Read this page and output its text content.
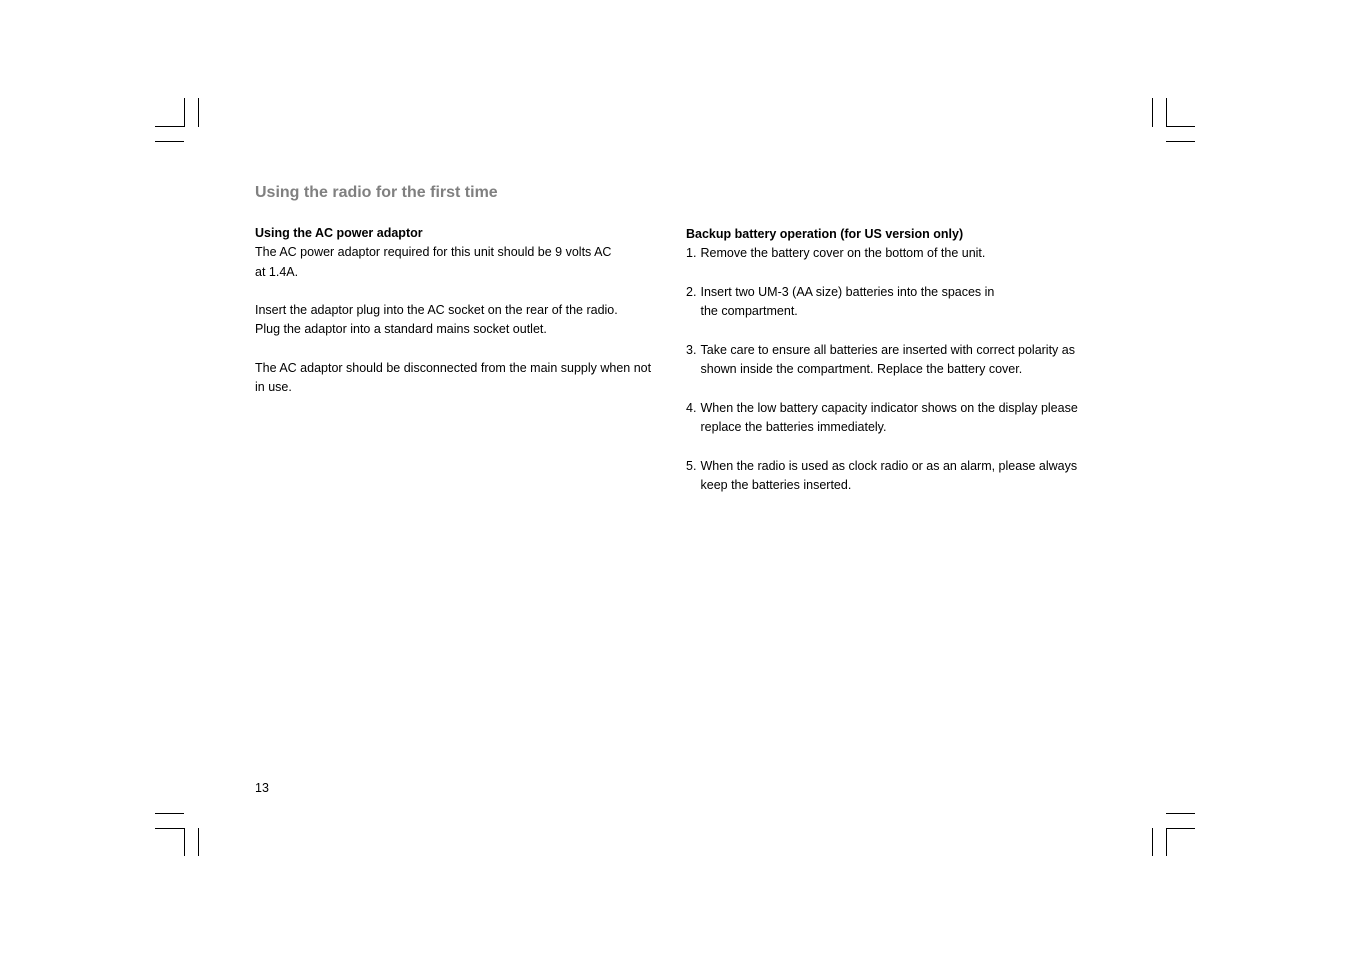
Using the radio for the first time
Using the AC power adaptor
The AC power adaptor required for this unit should be 9 volts AC
at 1.4A.
Insert the adaptor plug into the AC socket on the rear of the radio.
Plug the adaptor into a standard mains socket outlet.
The AC adaptor should be disconnected from the main supply when not
in use.
Backup battery operation (for US version only)
1. Remove the battery cover on the bottom of the unit.
2. Insert two UM-3 (AA size) batteries into the spaces in
the compartment.
3. Take care to ensure all batteries are inserted with correct polarity as
shown inside the compartment. Replace the battery cover.
4. When the low battery capacity indicator shows on the display please
replace the batteries immediately.
5. When the radio is used as clock radio or as an alarm, please always
keep the batteries inserted.
13
